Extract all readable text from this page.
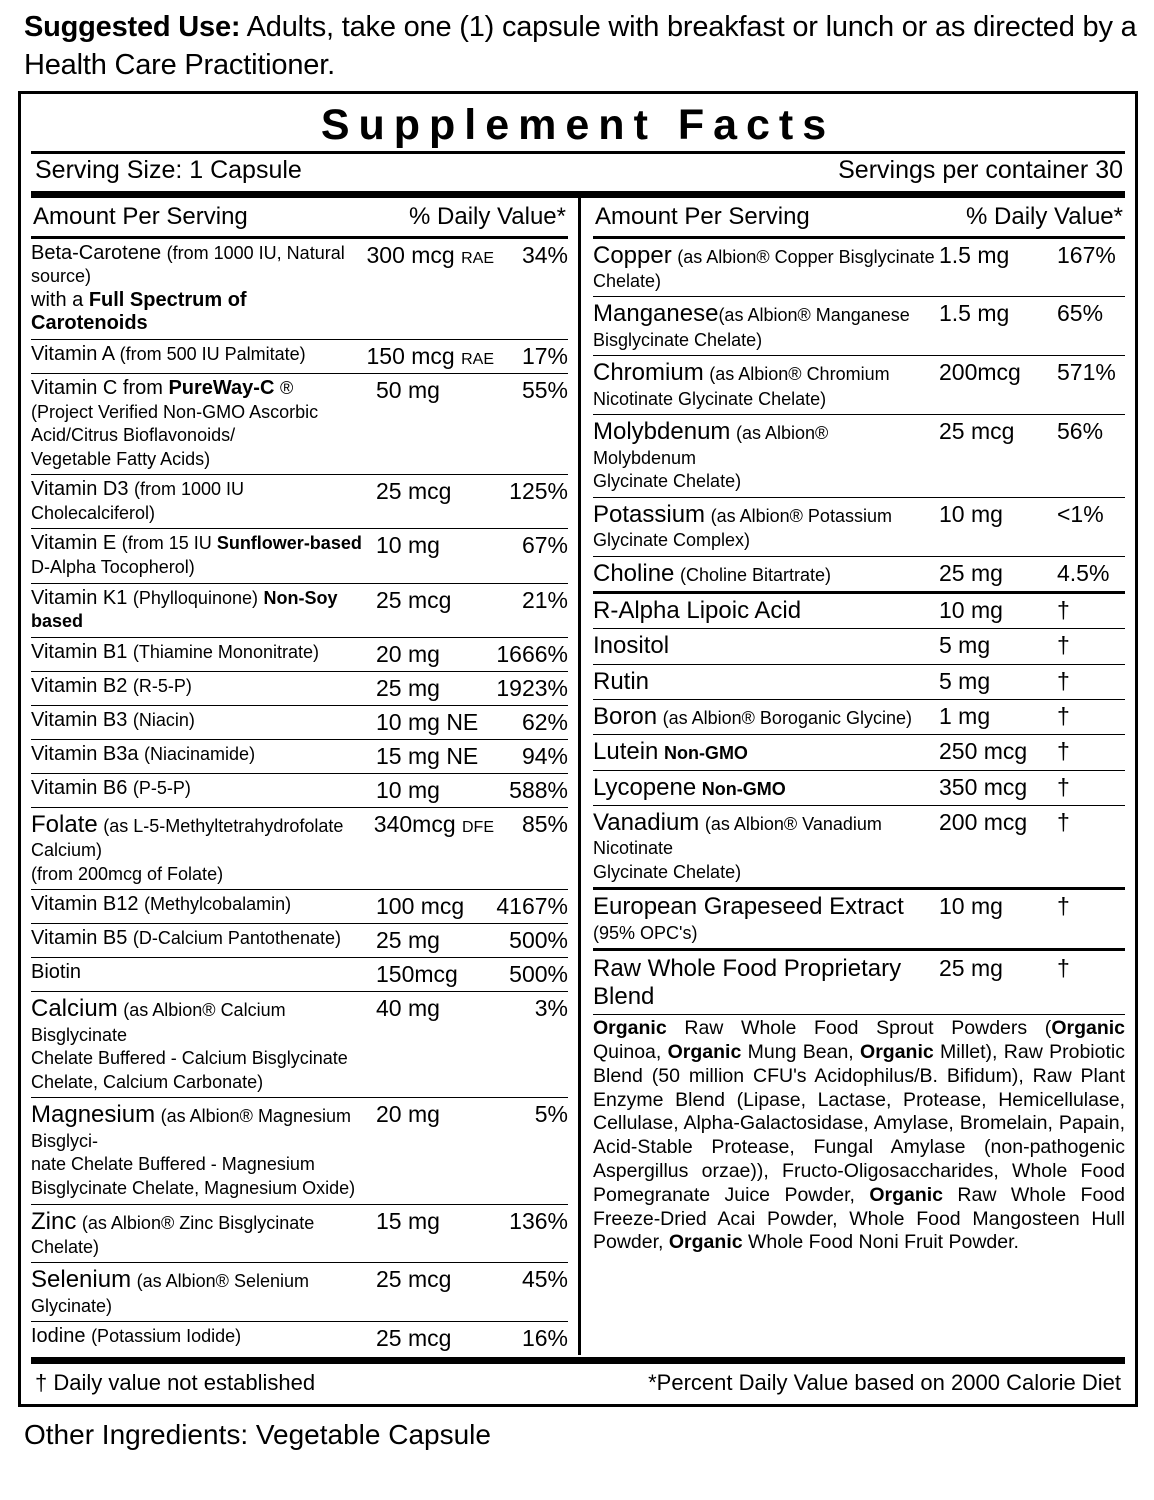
Suggested Use: Adults, take one (1) capsule with breakfast or lunch or as directed by a Health Care Practitioner.
Supplement Facts
Serving Size: 1 Capsule	Servings per container 30
Amount Per Serving	% Daily Value*
Beta-Carotene (from 1000 IU, Natural source)
with a Full Spectrum of Carotenoids
300 mcg RAE	34%
Vitamin A (from 500 IU Palmitate)	150 mcg RAE	17%
Vitamin C from PureWay-C ®
(Project Verified Non-GMO Ascorbic Acid/Citrus Bioflavonoids/
Vegetable Fatty Acids)
50 mg	55%
Vitamin D3 (from 1000 IU Cholecalciferol)
25 mcg	125%
Vitamin E (from 15 IU Sunflower-based
D-Alpha Tocopherol)
10 mg	67%
Vitamin K1 (Phylloquinone) Non-Soy based
25 mcg	21%
Vitamin B1 (Thiamine Mononitrate)	20 mg	1666%
Vitamin B2 (R-5-P)	25 mg	1923%
Vitamin B3 (Niacin)	10 mg NE	62%
Vitamin B3a (Niacinamide)	15 mg NE	94%
Vitamin B6 (P-5-P)	10 mg	588%
Folate (as L-5-Methyltetrahydrofolate Calcium)
(from 200mcg of Folate)
340mcg DFE	85%
Vitamin B12 (Methylcobalamin)	100 mcg	4167%
Vitamin B5 (D-Calcium Pantothenate)	25 mg	500%
Biotin	150mcg	500%
Calcium (as Albion® Calcium Bisglycinate
Chelate Buffered - Calcium Bisglycinate Chelate, Calcium Carbonate)
40 mg	3%
Magnesium (as Albion® Magnesium Bisglyci-
nate Chelate Buffered - Magnesium Bisglycinate Chelate, Magnesium Oxide)
20 mg	5%
Zinc (as Albion® Zinc Bisglycinate Chelate)
15 mg	136%
Selenium (as Albion® Selenium Glycinate)
25 mcg	45%
Iodine (Potassium Iodide)	25 mcg	16%
Amount Per Serving	% Daily Value*
Copper (as Albion® Copper Bisglycinate Chelate)
1.5 mg	167%
Manganese(as Albion® Manganese
Bisglycinate Chelate)
1.5 mg	65%
Chromium (as Albion® Chromium
Nicotinate Glycinate Chelate)
200mcg	571%
Molybdenum (as Albion® Molybdenum
Glycinate Chelate)
25 mcg	56%
Potassium (as Albion® Potassium
Glycinate Complex)
10 mg	<1%
Choline (Choline Bitartrate)	25 mg	4.5%
R-Alpha Lipoic Acid	10 mg	†
Inositol	5 mg	†
Rutin	5 mg	†
Boron (as Albion® Boroganic Glycine)	1 mg	†
Lutein Non-GMO	250 mcg	†
Lycopene Non-GMO	350 mcg	†
Vanadium (as Albion® Vanadium Nicotinate
Glycinate Chelate)
200 mcg	†
European Grapeseed Extract (95% OPC's)
10 mg	†
Raw Whole Food Proprietary Blend
25 mg	†
Organic Raw Whole Food Sprout Powders (Organic Quinoa, Organic Mung Bean, Organic Millet), Raw Probiotic Blend (50 million CFU's Acidophilus/B. Bifidum), Raw Plant Enzyme Blend (Lipase, Lactase, Protease, Hemicellulase, Cellulase, Alpha-Galactosidase, Amylase, Bromelain, Papain, Acid-Stable Protease, Fungal Amylase (non-pathogenic Aspergillus orzae)), Fructo-Oligosaccharides, Whole Food Pomegranate Juice Powder, Organic Raw Whole Food Freeze-Dried Acai Powder, Whole Food Mangosteen Hull Powder, Organic Whole Food Noni Fruit Powder.
† Daily value not established	*Percent Daily Value based on 2000 Calorie Diet
Other Ingredients: Vegetable Capsule
